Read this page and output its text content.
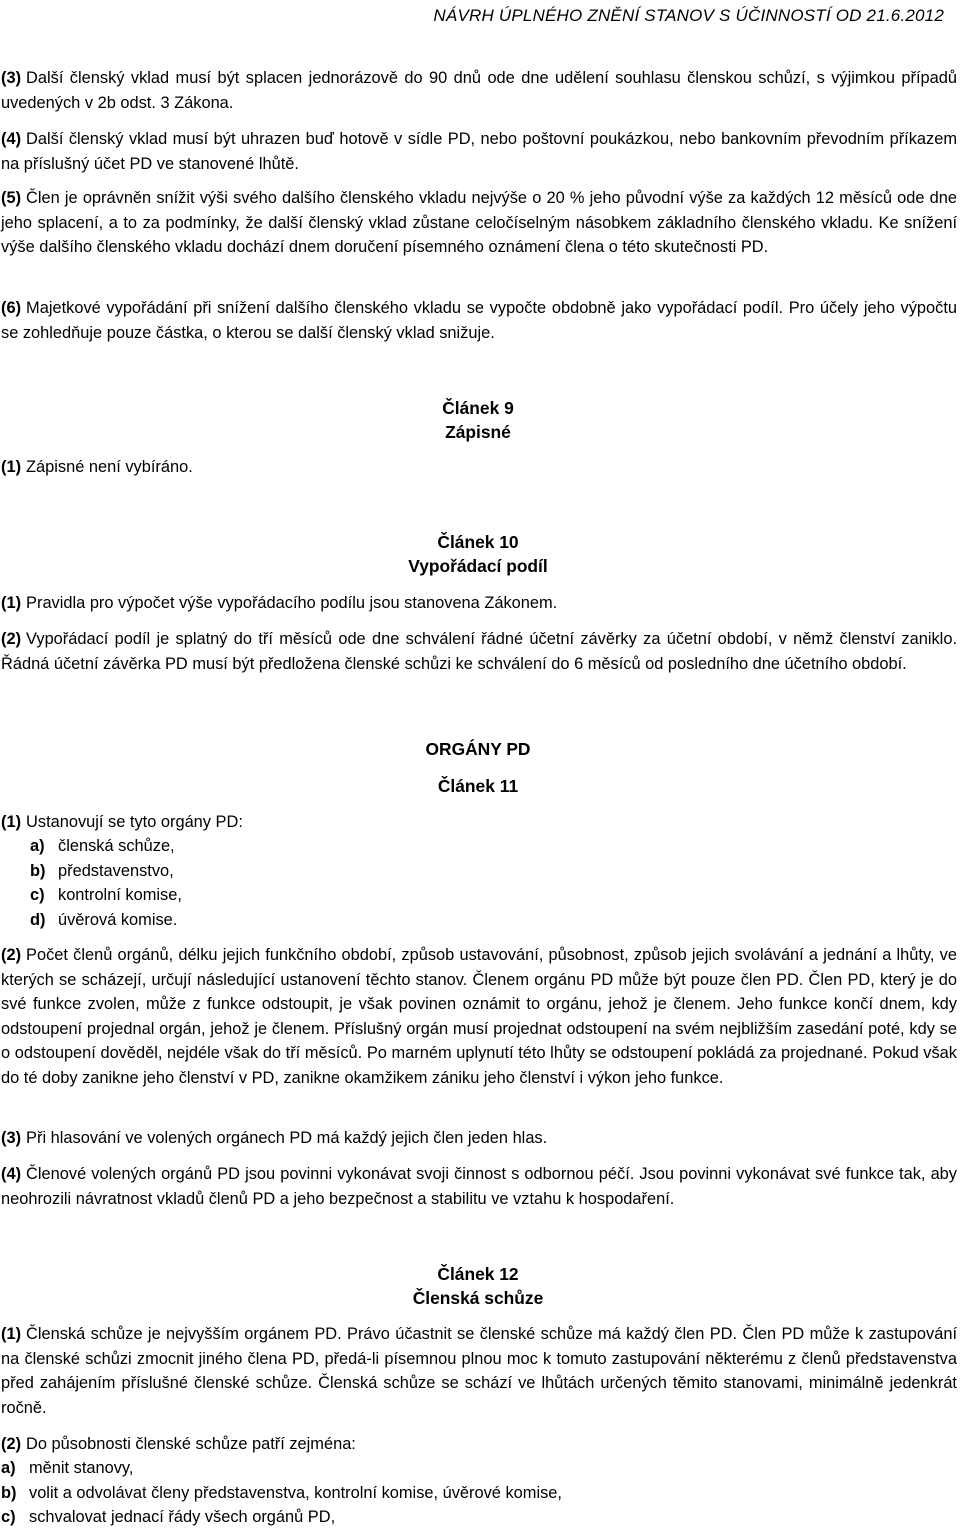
NÁVRH ÚPLNÉHO ZNĚNÍ STANOV S ÚČINNOSTÍ OD 21.6.2012
(3) Další členský vklad musí být splacen jednorázově do 90 dnů ode dne udělení souhlasu členskou schůzí, s výjimkou případů uvedených v 2b odst. 3 Zákona.
(4) Další členský vklad musí být uhrazen buď hotově v sídle PD, nebo poštovní poukázkou, nebo bankovním převodním příkazem na příslušný účet PD ve stanovené lhůtě.
(5) Člen je oprávněn snížit výši svého dalšího členského vkladu nejvýše o 20 % jeho původní výše za každých 12 měsíců ode dne jeho splacení, a to za podmínky, že další členský vklad zůstane celočíselným násobkem základního členského vkladu. Ke snížení výše dalšího členského vkladu dochází dnem doručení písemného oznámení člena o této skutečnosti PD.
(6) Majetkové vypořádání při snížení dalšího členského vkladu se vypočte obdobně jako vypořádací podíl. Pro účely jeho výpočtu se zohledňuje pouze částka, o kterou se další členský vklad snižuje.
Článek 9
Zápisné
(1) Zápisné není vybíráno.
Článek 10
Vypořádací podíl
(1) Pravidla pro výpočet výše vypořádacího podílu jsou stanovena Zákonem.
(2) Vypořádací podíl je splatný do tří měsíců ode dne schválení řádné účetní závěrky za účetní období, v němž členství zaniklo. Řádná účetní závěrka PD musí být předložena členské schůzi ke schválení do 6 měsíců od posledního dne účetního období.
ORGÁNY PD
Článek 11
(1) Ustanovují se tyto orgány PD:
a) členská schůze,
b) představenstvo,
c) kontrolní komise,
d) úvěrová komise.
(2) Počet členů orgánů, délku jejich funkčního období, způsob ustavování, působnost, způsob jejich svolávání a jednání a lhůty, ve kterých se scházejí, určují následující ustanovení těchto stanov. Členem orgánu PD může být pouze člen PD. Člen PD, který je do své funkce zvolen, může z funkce odstoupit, je však povinen oznámit to orgánu, jehož je členem. Jeho funkce končí dnem, kdy odstoupení projednal orgán, jehož je členem. Příslušný orgán musí projednat odstoupení na svém nejbližším zasedání poté, kdy se o odstoupení dověděl, nejdéle však do tří měsíců. Po marném uplynutí této lhůty se odstoupení pokládá za projednané. Pokud však do té doby zanikne jeho členství v PD, zanikne okamžikem zániku jeho členství i výkon jeho funkce.
(3) Při hlasování ve volených orgánech PD má každý jejich člen jeden hlas.
(4) Členové volených orgánů PD jsou povinni vykonávat svoji činnost s odbornou péčí. Jsou povinni vykonávat své funkce tak, aby neohrozili návratnost vkladů členů PD a jeho bezpečnost a stabilitu ve vztahu k hospodaření.
Článek 12
Členská schůze
(1) Členská schůze je nejvyšším orgánem PD. Právo účastnit se členské schůze má každý člen PD. Člen PD může k zastupování na členské schůzi zmocnit jiného člena PD, předá-li písemnou plnou moc k tomuto zastupování některému z členů představenstva před zahájením příslušné členské schůze. Členská schůze se schází ve lhůtách určených těmito stanovami, minimálně jedenkrát ročně.
(2) Do působnosti členské schůze patří zejména:
a) měnit stanovy,
b) volit a odvolávat členy představenstva, kontrolní komise, úvěrové komise,
c) schvalovat jednací řády všech orgánů PD,
